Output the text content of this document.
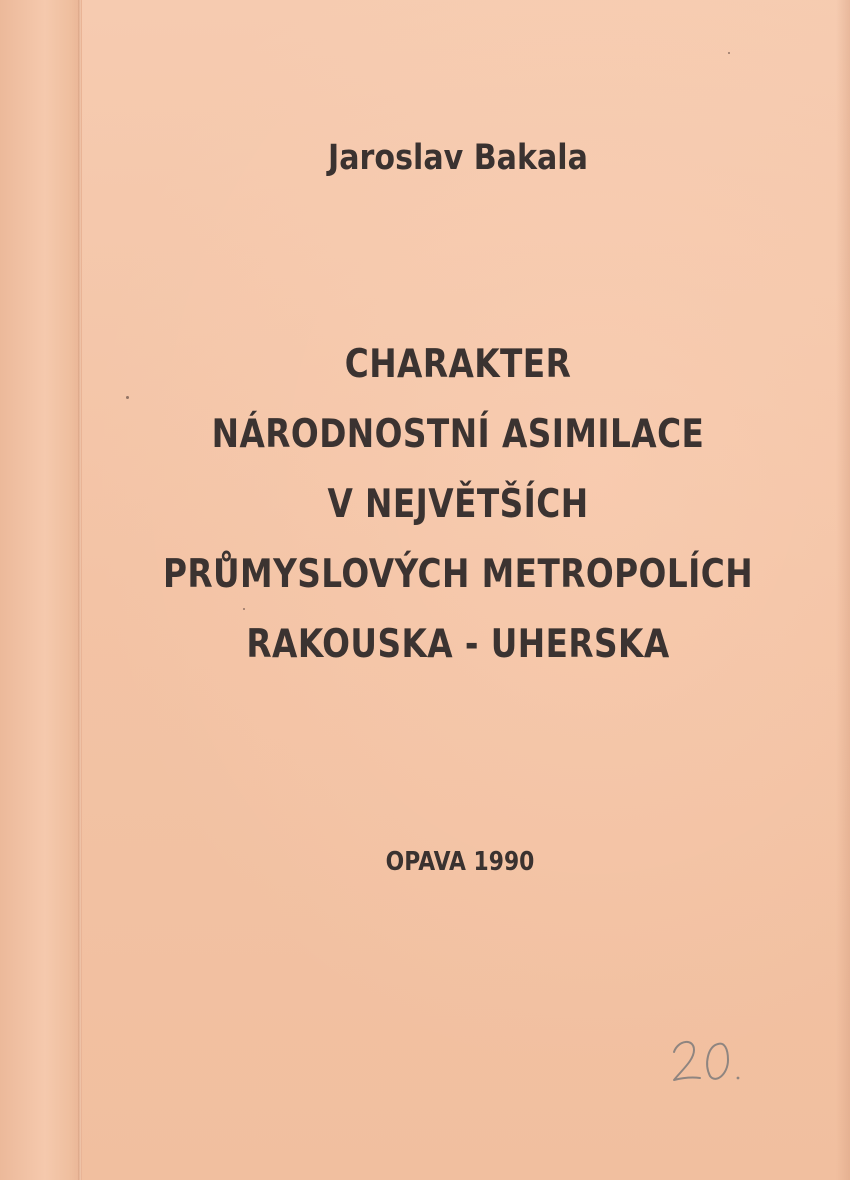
Jaroslav Bakala
CHARAKTER
NÁRODNOSTNÍ ASIMILACE
V NEJVĚTŠÍCH
PRŮMYSLOVÝCH METROPOLÍCH
RAKOUSKA - UHERSKA
OPAVA 1990
